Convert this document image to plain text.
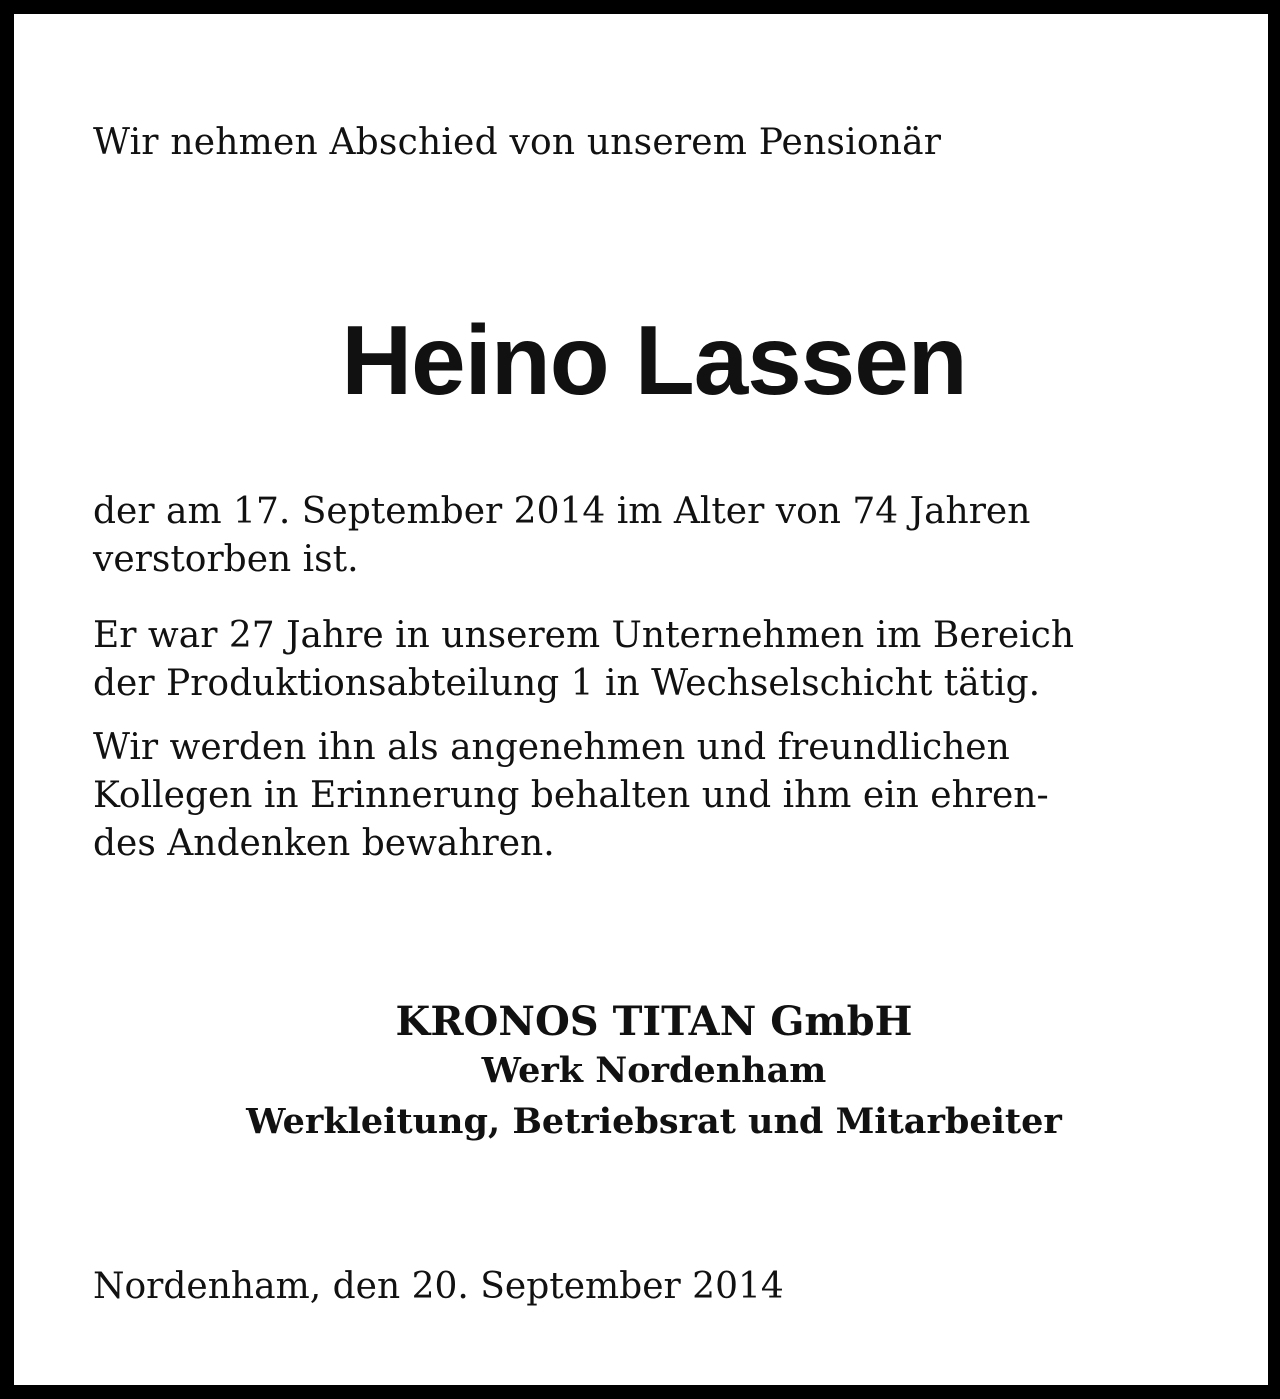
Wir nehmen Abschied von unserem Pensionär
Heino Lassen
der am 17. September 2014 im Alter von 74 Jahren
verstorben ist.
Er war 27 Jahre in unserem Unternehmen im Bereich
der Produktionsabteilung 1 in Wechselschicht tätig.
Wir werden ihn als angenehmen und freundlichen
Kollegen in Erinnerung behalten und ihm ein ehren-
des Andenken bewahren.
KRONOS TITAN GmbH
Werk Nordenham
Werkleitung, Betriebsrat und Mitarbeiter
Nordenham, den 20. September 2014
